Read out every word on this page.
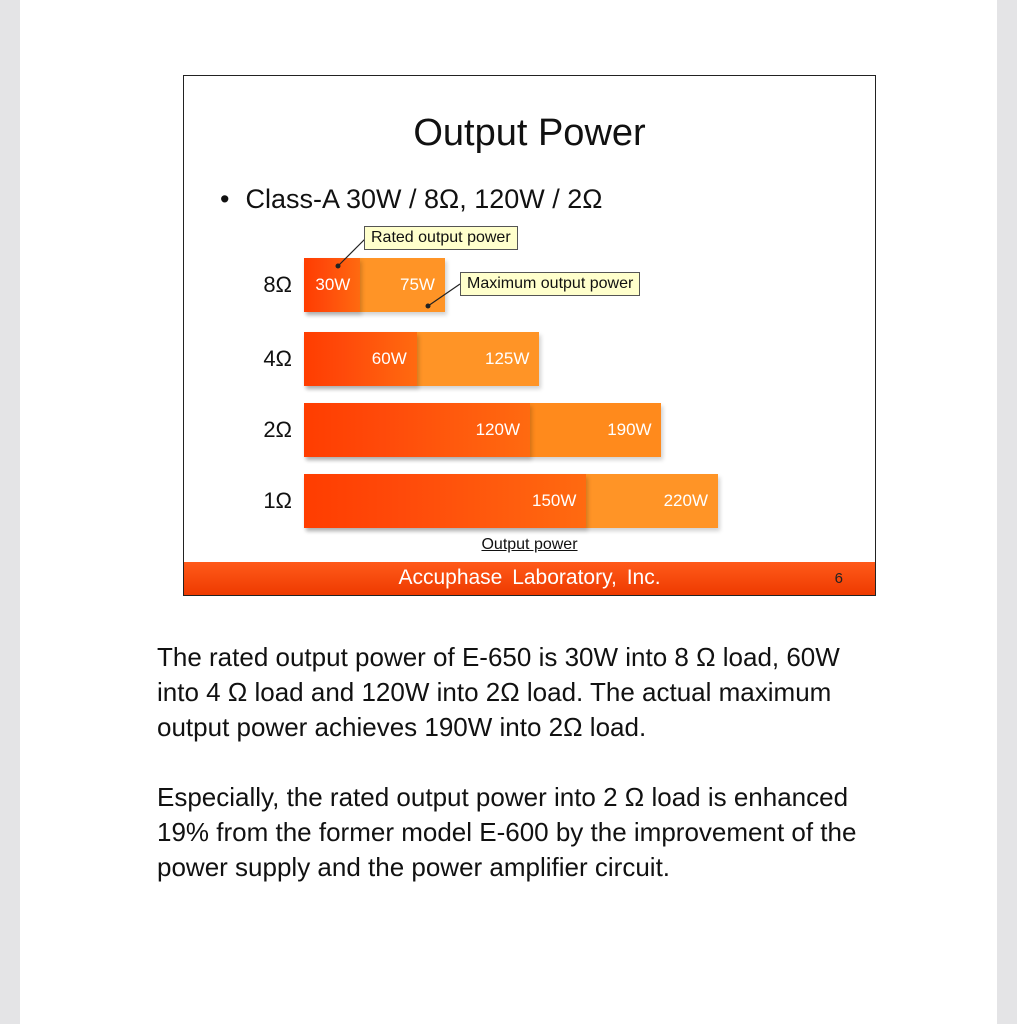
Output Power
• Class-A 30W / 8Ω, 120W / 2Ω
8Ω 30W	75W
4Ω	60W	125W
2Ω	120W	190W
1Ω	150W	220W
Rated output power
Maximum output power
Output power
Accuphase Laboratory, Inc.	6
The rated output power of E-650 is 30W into 8 Ω load, 60W into 4 Ω load and 120W into 2Ω load. The actual maximum output power achieves 190W into 2Ω load.
Especially, the rated output power into 2 Ω load is enhanced 19% from the former model E-600 by the improvement of the power supply and the power amplifier circuit.
